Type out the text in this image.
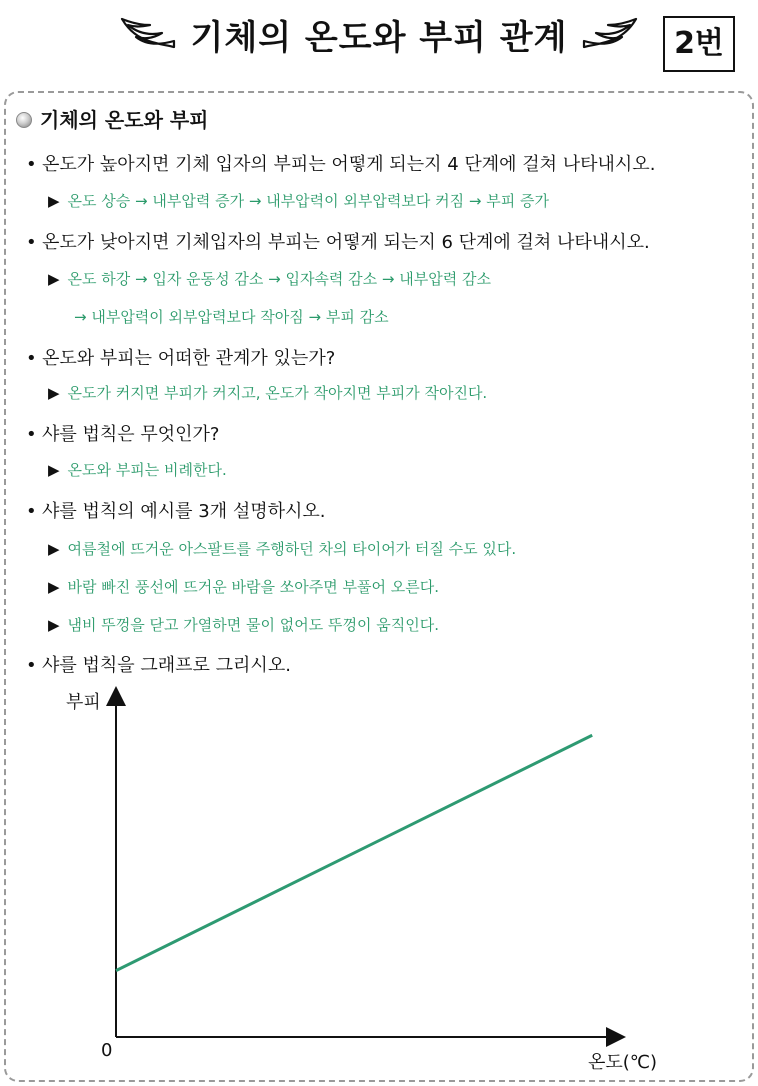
기체의 온도와 부피 관계	2번
기체의 온도와 부피
• 온도가 높아지면 기체 입자의 부피는 어떻게 되는지 4 단계에 걸쳐 나타내시오.
▶ 온도 상승 → 내부압력 증가 → 내부압력이 외부압력보다 커짐 → 부피 증가
• 온도가 낮아지면 기체입자의 부피는 어떻게 되는지 6 단계에 걸쳐 나타내시오.
▶ 온도 하강 → 입자 운동성 감소 → 입자속력 감소 → 내부압력 감소
→ 내부압력이 외부압력보다 작아짐 → 부피 감소
• 온도와 부피는 어떠한 관계가 있는가?
▶ 온도가 커지면 부피가 커지고, 온도가 작아지면 부피가 작아진다.
• 샤를 법칙은 무엇인가?
▶ 온도와 부피는 비례한다.
• 샤를 법칙의 예시를 3개 설명하시오.
▶ 여름철에 뜨거운 아스팔트를 주행하던 차의 타이어가 터질 수도 있다.
▶ 바람 빠진 풍선에 뜨거운 바람을 쏘아주면 부풀어 오른다.
▶ 냄비 뚜껑을 닫고 가열하면 물이 없어도 뚜껑이 움직인다.
• 샤를 법칙을 그래프로 그리시오.
부피
온도(℃)
0
